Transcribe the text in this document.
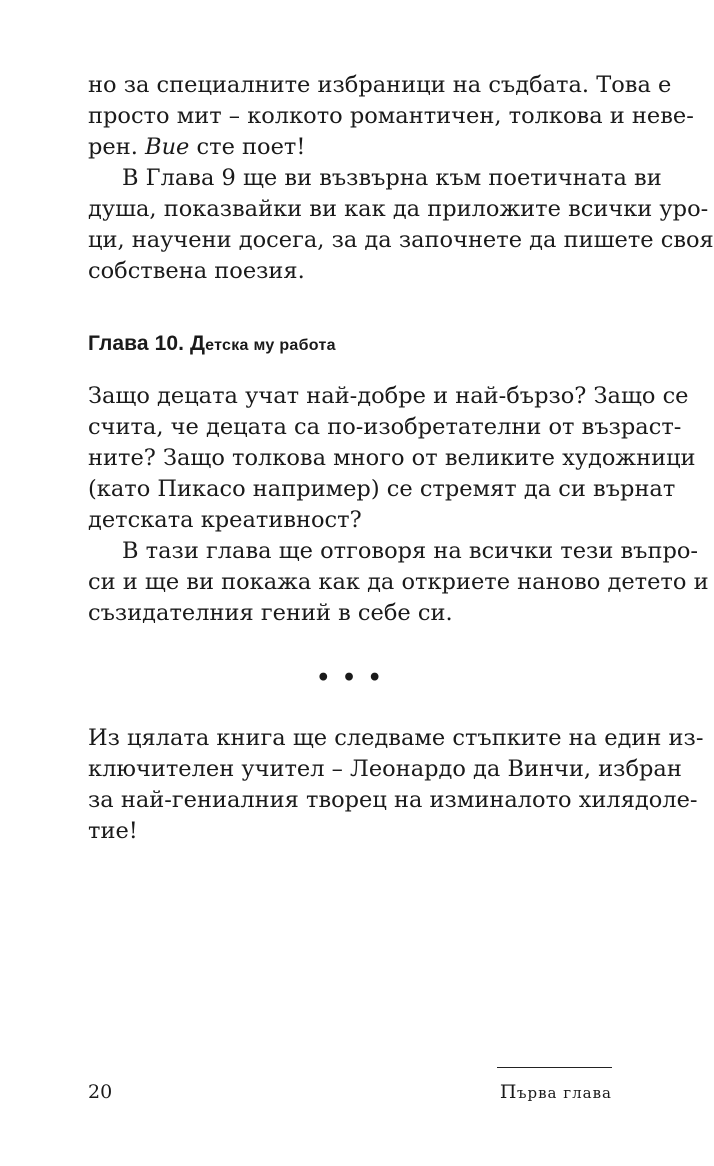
но за специалните избраници на съдбата. Това е
просто мит – колкото романтичен, толкова и неве-
рен. Вие сте поет!
В Глава 9 ще ви възвърна към поетичната ви
душа, показвайки ви как да приложите всички уро-
ци, научени досега, за да започнете да пишете своя
собствена поезия.
Глава 10. Детска му работа
Защо децата учат най-добре и най-бързо? Защо се
счита, че децата са по-изобретателни от възраст-
ните? Защо толкова много от великите художници
(като Пикасо например) се стремят да си върнат
детската креативност?
В тази глава ще отговоря на всички тези въпро-
си и ще ви покажа как да откриете наново детето и
съзидателния гений в себе си.
• • •
Из цялата книга ще следваме стъпките на един из-
ключителен учител – Леонардо да Винчи, избран
за най-гениалния творец на изминалото хилядоле-
тие!
20	Първа глава
